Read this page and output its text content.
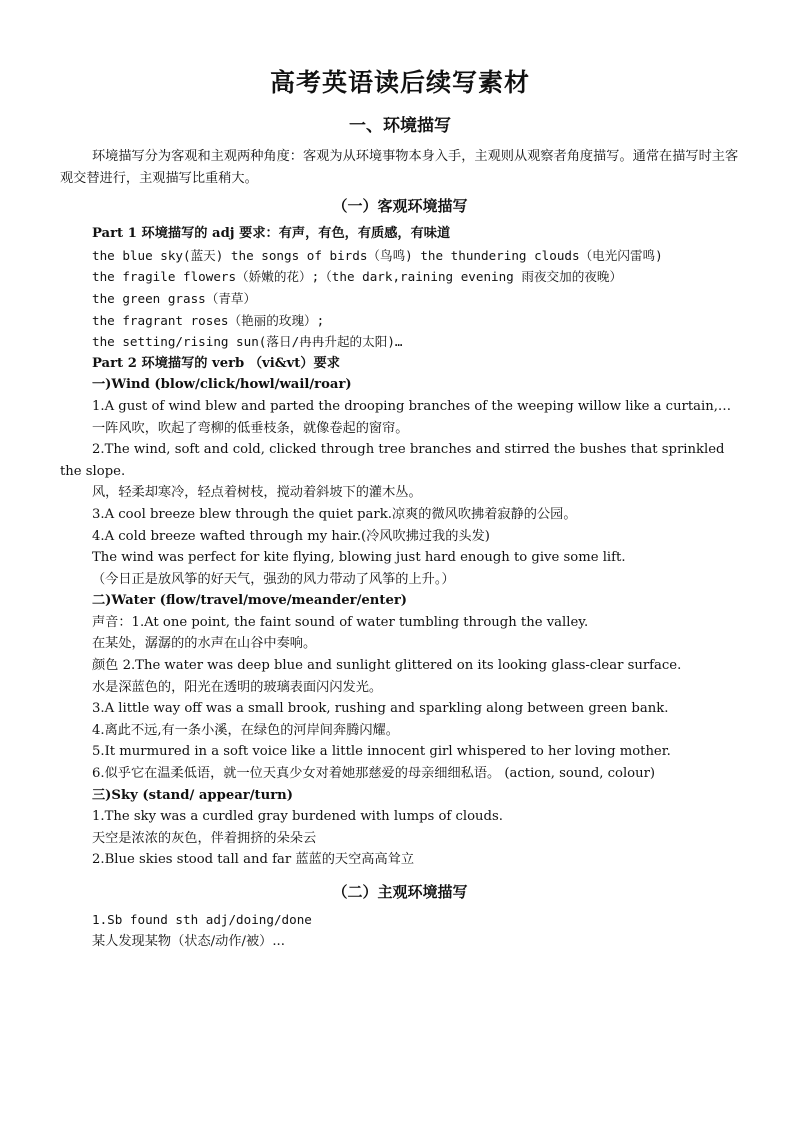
高考英语读后续写素材
一、环境描写

环境描写分为客观和主观两种角度：客观为从环境事物本身入手，主观则从观察者角度描写。通常在描写时主客观交替进行，主观描写比重稍大。

（一）客观环境描写

Part 1 环境描写的 adj 要求：有声，有色，有质感，有味道

the blue sky(蓝天) the songs of birds（鸟鸣) the thundering clouds（电光闪雷鸣)

the fragile flowers（娇嫩的花）;（the dark,raining evening 雨夜交加的夜晚）

the green grass（青草）

the fragrant roses（艳丽的玫瑰）;

the setting/rising sun(落日/冉冉升起的太阳)…

Part 2 环境描写的 verb （vi&vt）要求

一)Wind (blow/click/howl/wail/roar)

1.A gust of wind blew and parted the drooping branches of the weeping willow like a curtain,…

一阵风吹，吹起了弯柳的低垂枝条，就像卷起的窗帘。

2.The wind, soft and cold, clicked through tree branches and stirred the bushes that sprinkled the slope.

风，轻柔却寒冷，轻点着树枝，搅动着斜坡下的灌木丛。

3.A cool breeze blew through the quiet park.凉爽的微风吹拂着寂静的公园。

4.A cold breeze wafted through my hair.(冷风吹拂过我的头发)

The wind was perfect for kite flying, blowing just hard enough to give some lift.

（今日正是放风筝的好天气，强劲的风力带动了风筝的上升。）

二)Water (flow/travel/move/meander/enter)

声音：1.At one point, the faint sound of water tumbling through the valley.

在某处，潺潺的的水声在山谷中奏响。

颜色 2.The water was deep blue and sunlight glittered on its looking glass-clear surface.

水是深蓝色的，阳光在透明的玻璃表面闪闪发光。

3.A little way off was a small brook, rushing and sparkling along between green bank.

4.离此不远,有一条小溪，在绿色的河岸间奔腾闪耀。

5.It murmured in a soft voice like a little innocent girl whispered to her loving mother.

6.似乎它在温柔低语，就一位天真少女对着她那慈爱的母亲细细私语。 (action, sound, colour)

三)Sky (stand/ appear/turn)

1.The sky was a curdled gray burdened with lumps of clouds.

天空是浓浓的灰色，伴着拥挤的朵朵云

2.Blue skies stood tall and far 蓝蓝的天空高高耸立

（二）主观环境描写

1.Sb found sth adj/doing/done

某人发现某物（状态/动作/被）...
